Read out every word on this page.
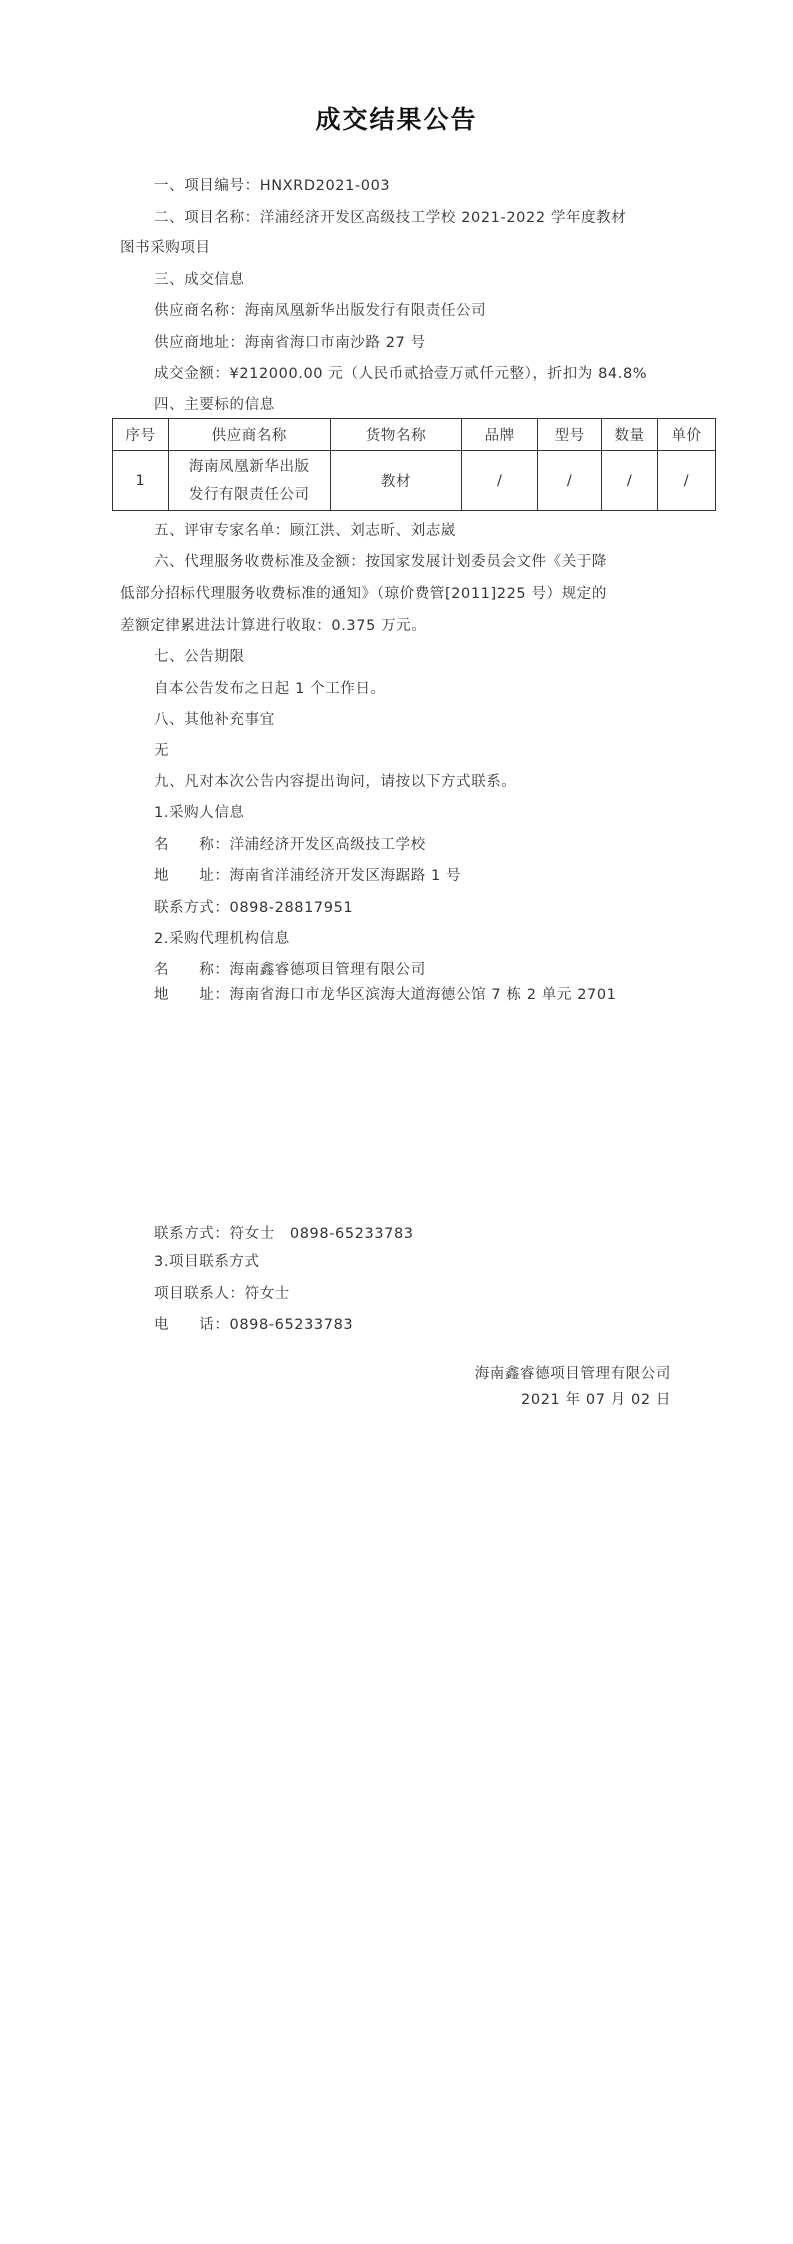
成交结果公告
一、项目编号：HNXRD2021-003
二、项目名称：洋浦经济开发区高级技工学校 2021-2022 学年度教材
图书采购项目
三、成交信息
供应商名称：海南凤凰新华出版发行有限责任公司
供应商地址：海南省海口市南沙路 27 号
成交金额：¥212000.00 元（人民币贰拾壹万贰仟元整），折扣为 84.8%
四、主要标的信息
序号	供应商名称	货物名称	品牌	型号	数量	单价
1	海南凤凰新华出版
发行有限责任公司	教材	/	/	/	/
五、评审专家名单：顾江洪、刘志昕、刘志崴
六、代理服务收费标准及金额：按国家发展计划委员会文件《关于降
低部分招标代理服务收费标准的通知》（琼价费管[2011]225 号）规定的
差额定律累进法计算进行收取：0.375 万元。
七、公告期限
自本公告发布之日起 1 个工作日。
八、其他补充事宜
无
九、凡对本次公告内容提出询问，请按以下方式联系。
1.采购人信息
名　　称：洋浦经济开发区高级技工学校
地　　址：海南省洋浦经济开发区海踞路 1 号
联系方式：0898-28817951
2.采购代理机构信息
名　　称：海南鑫睿德项目管理有限公司
地　　址：海南省海口市龙华区滨海大道海德公馆 7 栋 2 单元 2701
联系方式：符女士　0898-65233783
3.项目联系方式
项目联系人：符女士
电　　话：0898-65233783
海南鑫睿德项目管理有限公司
2021 年 07 月 02 日
